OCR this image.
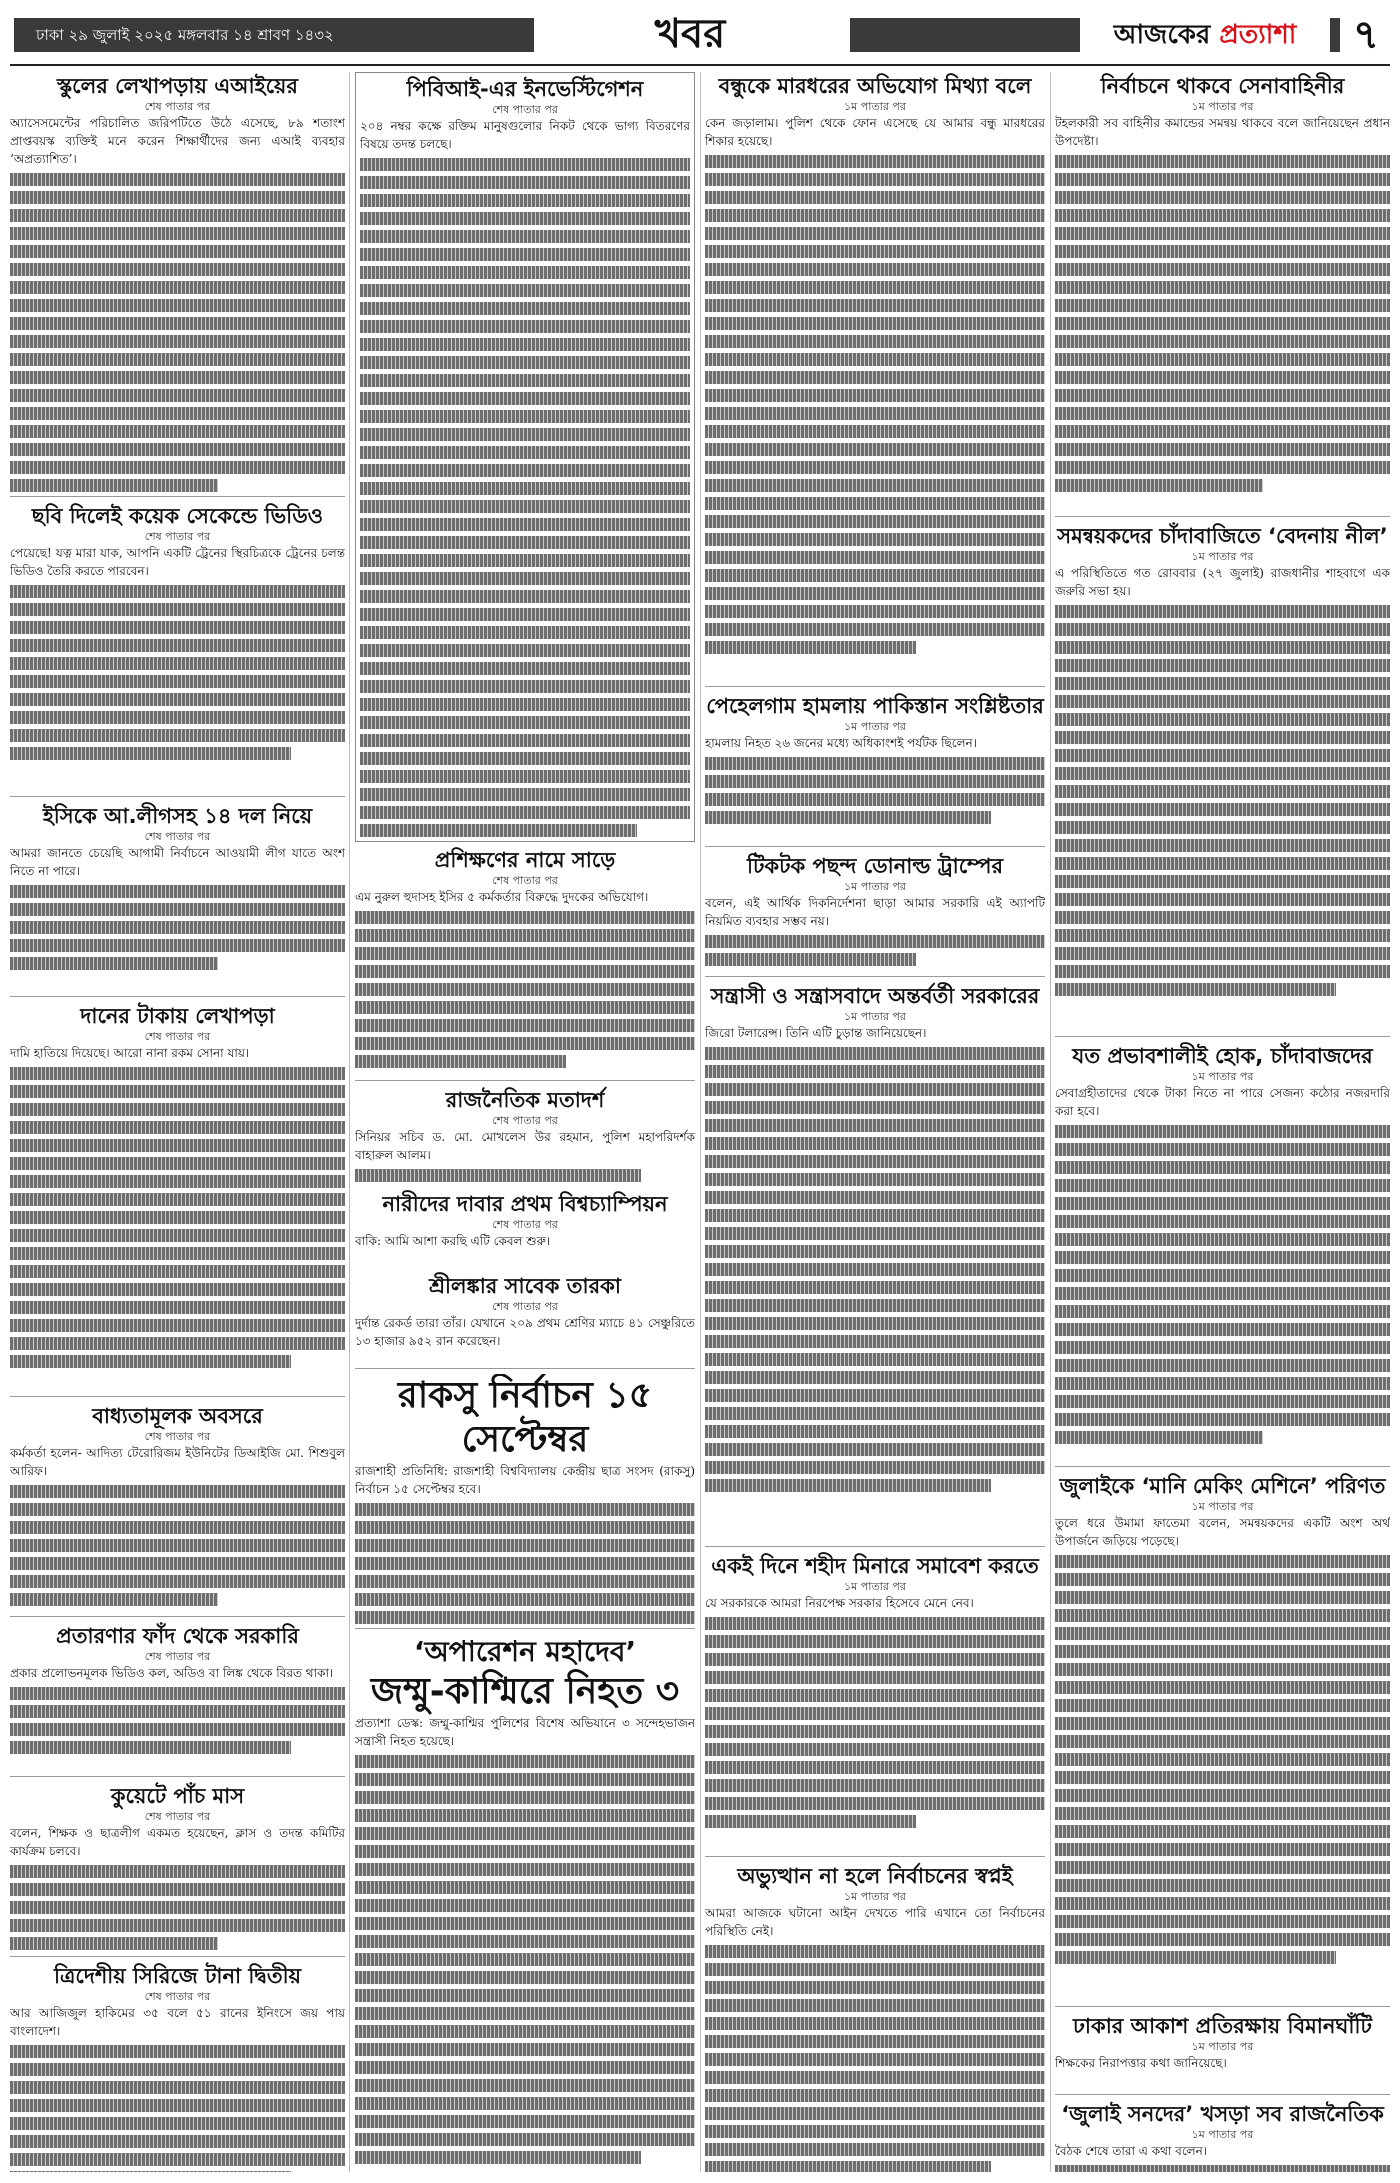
ঢাকা ২৯ জুলাই ২০২৫ মঙ্গলবার ১৪ শ্রাবণ ১৪৩২	খবর	আজকের প্রত্যাশা	৭
স্কুলের লেখাপড়ায় এআইয়ের
শেষ পাতার পর
অ্যাসেসমেন্টের পরিচালিত জরিপটিতে উঠে এসেছে, ৮৯ শতাংশ প্রাপ্তবয়স্ক ব্যক্তিই মনে করেন শিক্ষার্থীদের জন্য এআই ব্যবহার ‘অপ্রত্যাশিত’।
ছবি দিলেই কয়েক সেকেন্ডে ভিডিও
শেষ পাতার পর
পেয়েছে! যত্ন মারা যাক, আপনি একটি ট্রেনের স্থিরচিত্রকে ট্রেনের চলন্ত ভিডিও তৈরি করতে পারবেন।
ইসিকে আ.লীগসহ ১৪ দল নিয়ে
শেষ পাতার পর
আমরা জানতে চেয়েছি আগামী নির্বাচনে আওয়ামী লীগ যাতে অংশ নিতে না পারে।
দানের টাকায় লেখাপড়া
শেষ পাতার পর
দামি হাতিয়ে দিয়েছে। আরো নানা রকম সোনা যায়।
বাধ্যতামূলক অবসরে
শেষ পাতার পর
কর্মকর্তা হলেন- আদিত্য টেরোরিজম ইউনিটের ডিআইজি মো. শিশুবুল আরিফ।
প্রতারণার ফাঁদ থেকে সরকারি
শেষ পাতার পর
প্রকার প্রলোভনমূলক ভিডিও কল, অডিও বা লিঙ্ক থেকে বিরত থাকা।
কুয়েটে পাঁচ মাস
শেষ পাতার পর
বলেন, শিক্ষক ও ছাত্রলীগ একমত হয়েছেন, ক্লাস ও তদন্ত কমিটির কার্যক্রম চলবে।
ত্রিদেশীয় সিরিজে টানা দ্বিতীয়
শেষ পাতার পর
আর আজিজুল হাকিমের ৩৫ বলে ৫১ রানের ইনিংসে জয় পায় বাংলাদেশ।
পিবিআই-এর ইনভেস্টিগেশন
শেষ পাতার পর
২০৪ নম্বর কক্ষে রক্তিম মানুষগুলোর নিকট থেকে ভাগ্য বিতরণের বিষয়ে তদন্ত চলছে।
প্রশিক্ষণের নামে সাড়ে
শেষ পাতার পর
এম নুরুল হুদাসহ ইসির ৫ কর্মকর্তার বিরুদ্ধে দুদকের অভিযোগ।
রাজনৈতিক মতাদর্শ
শেষ পাতার পর
সিনিয়র সচিব ড. মো. মোখলেস উর রহমান, পুলিশ মহাপরিদর্শক বাহারুল আলম।
নারীদের দাবার প্রথম বিশ্বচ্যাম্পিয়ন
শেষ পাতার পর
বাকি: আমি আশা করছি এটি কেবল শুরু।
শ্রীলঙ্কার সাবেক তারকা
শেষ পাতার পর
দুর্দান্ত রেকর্ড তারা তাঁর। যেখানে ২০৯ প্রথম শ্রেণির ম্যাচে ৪১ সেঞ্চুরিতে ১৩ হাজার ৯৫২ রান করেছেন।
রাকসু নির্বাচন ১৫ সেপ্টেম্বর
রাজশাহী প্রতিনিধি: রাজশাহী বিশ্ববিদ্যালয় কেন্দ্রীয় ছাত্র সংসদ (রাকসু) নির্বাচন ১৫ সেপ্টেম্বর হবে।
‘অপারেশন মহাদেব’
জম্মু-কাশ্মিরে নিহত ৩
প্রত্যাশা ডেস্ক: জম্মু-কাশ্মির পুলিশের বিশেষ অভিযানে ৩ সন্দেহভাজন সন্ত্রাসী নিহত হয়েছে।
বন্ধুকে মারধরের অভিযোগ মিথ্যা বলে
১ম পাতার পর
কেন জড়ালাম। পুলিশ থেকে ফোন এসেছে যে আমার বন্ধু মারধরের শিকার হয়েছে।
পেহেলগাম হামলায় পাকিস্তান সংশ্লিষ্টতার
১ম পাতার পর
হামলায় নিহত ২৬ জনের মধ্যে অধিকাংশই পর্যটক ছিলেন।
টিকটক পছন্দ ডোনাল্ড ট্রাম্পের
১ম পাতার পর
বলেন, এই আর্থিক দিকনির্দেশনা ছাড়া আমার সরকারি এই অ্যাপটি নিয়মিত ব্যবহার সম্ভব নয়।
সন্ত্রাসী ও সন্ত্রাসবাদে অন্তর্বর্তী সরকারের
১ম পাতার পর
জিরো টলারেন্স। তিনি এটি চুড়ান্ত জানিয়েছেন।
একই দিনে শহীদ মিনারে সমাবেশ করতে
১ম পাতার পর
যে সরকারকে আমরা নিরপেক্ষ সরকার হিসেবে মেনে নেব।
অভ্যুত্থান না হলে নির্বাচনের স্বপ্নই
১ম পাতার পর
আমরা আজকে ঘটানো আইন দেখতে পারি এখানে তো নির্বাচনের পরিস্থিতি নেই।
নির্বাচনে থাকবে সেনাবাহিনীর
১ম পাতার পর
টহলকারী সব বাহিনীর কমান্ডের সমন্বয় থাকবে বলে জানিয়েছেন প্রধান উপদেষ্টা।
সমন্বয়কদের চাঁদাবাজিতে ‘বেদনায় নীল’
১ম পাতার পর
এ পরিস্থিতিতে গত রোববার (২৭ জুলাই) রাজধানীর শাহবাগে এক জরুরি সভা হয়।
যত প্রভাবশালীই হোক, চাঁদাবাজদের
১ম পাতার পর
সেবাগ্রহীতাদের থেকে টাকা নিতে না পারে সেজন্য কঠোর নজরদারি করা হবে।
জুলাইকে ‘মানি মেকিং মেশিনে’ পরিণত
১ম পাতার পর
তুলে ধরে উমামা ফাতেমা বলেন, সমন্বয়কদের একটি অংশ অর্থ উপার্জনে জড়িয়ে পড়েছে।
ঢাকার আকাশ প্রতিরক্ষায় বিমানঘাঁটি
১ম পাতার পর
শিক্ষকের নিরাপত্তার কথা জানিয়েছে।
‘জুলাই সনদের’ খসড়া সব রাজনৈতিক
১ম পাতার পর
বৈঠক শেষে তারা এ কথা বলেন।
